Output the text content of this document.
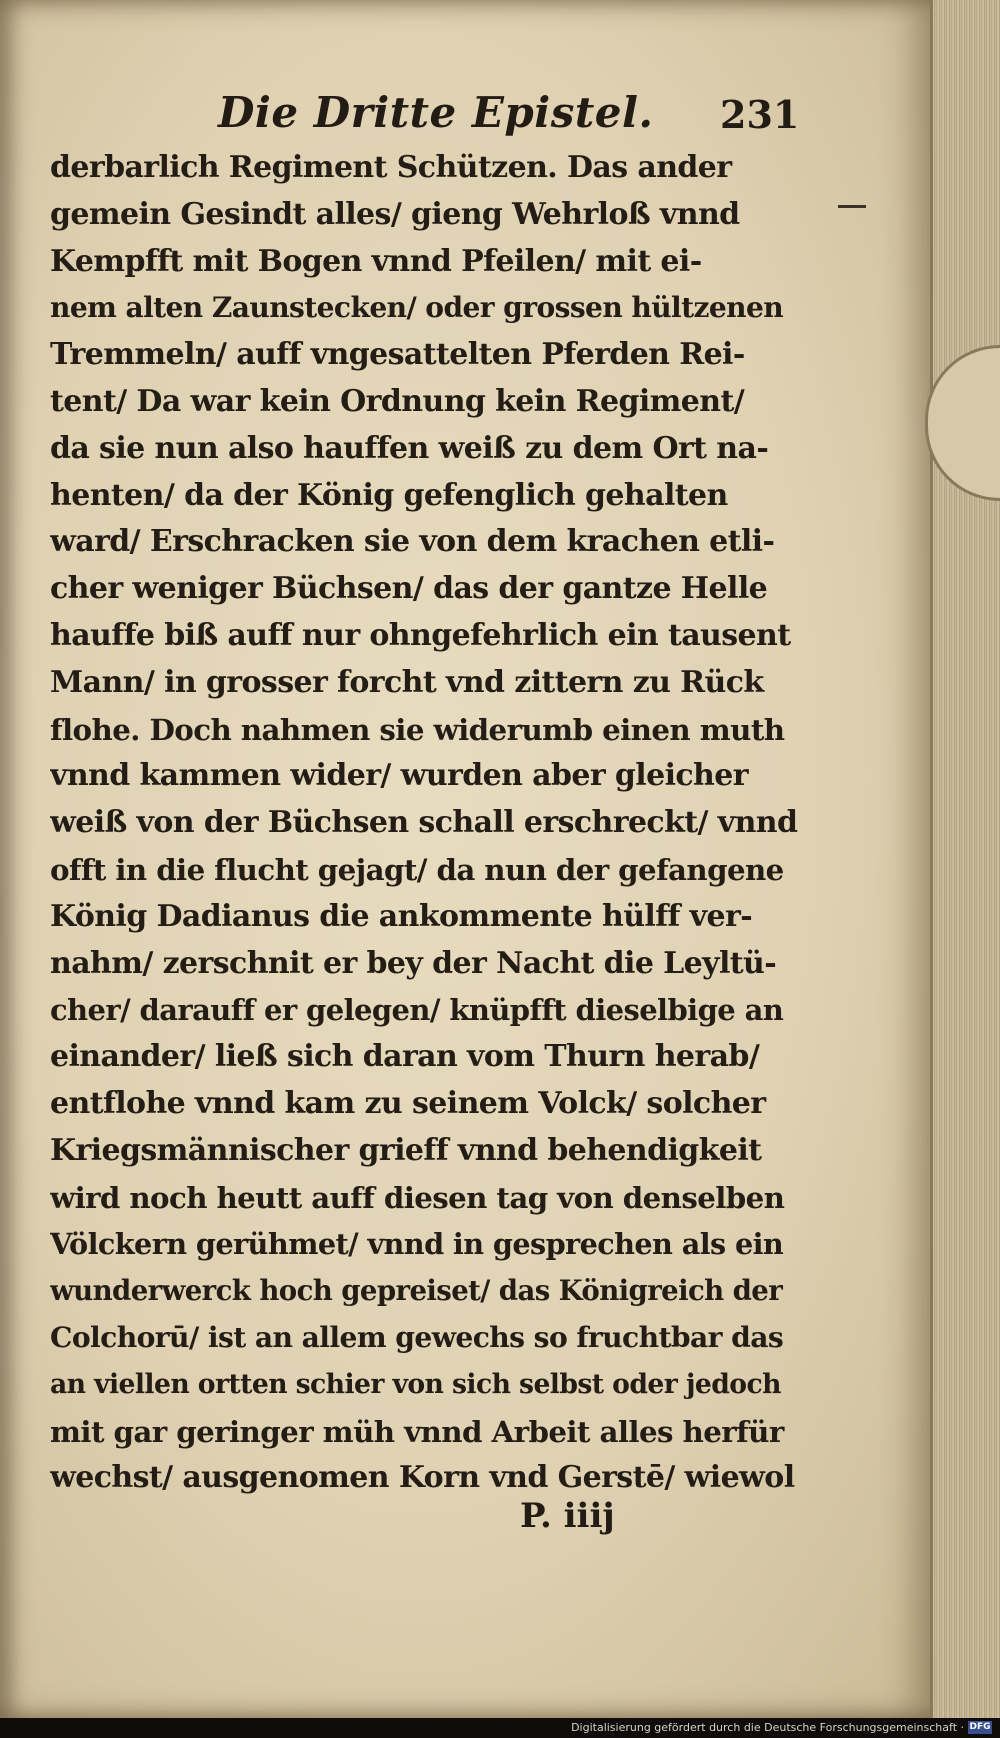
Die Dritte Epistel. 231
derbarlich Regiment Schützen. Das ander
gemein Gesindt alles/ gieng Wehrloß vnnd
Kempfft mit Bogen vnnd Pfeilen/ mit ei-
nem alten Zaunstecken/ oder grossen hültzenen
Tremmeln/ auff vngesattelten Pferden Rei-
tent/ Da war kein Ordnung kein Regiment/
da sie nun also hauffen weiß zu dem Ort na-
henten/ da der König gefenglich gehalten
ward/ Erschracken sie von dem krachen etli-
cher weniger Büchsen/ das der gantze Helle
hauffe biß auff nur ohngefehrlich ein tausent
Mann/ in grosser forcht vnd zittern zu Rück
flohe. Doch nahmen sie widerumb einen muth
vnnd kammen wider/ wurden aber gleicher
weiß von der Büchsen schall erschreckt/ vnnd
offt in die flucht gejagt/ da nun der gefangene
König Dadianus die ankommente hülff ver-
nahm/ zerschnit er bey der Nacht die Leyltü-
cher/ darauff er gelegen/ knüpfft dieselbige an
einander/ ließ sich daran vom Thurn herab/
entflohe vnnd kam zu seinem Volck/ solcher
Kriegsmännischer grieff vnnd behendigkeit
wird noch heutt auff diesen tag von denselben
Völckern gerühmet/ vnnd in gesprechen als ein
wunderwerck hoch gepreiset/ das Königreich der
Colchorū/ ist an allem gewechs so fruchtbar das
an viellen ortten schier von sich selbst oder jedoch
mit gar geringer müh vnnd Arbeit alles herfür
wechst/ ausgenomen Korn vnd Gerstē/ wiewol
P. iiij
Digitalisierung gefördert durch die Deutsche Forschungsgemeinschaft · DFG
